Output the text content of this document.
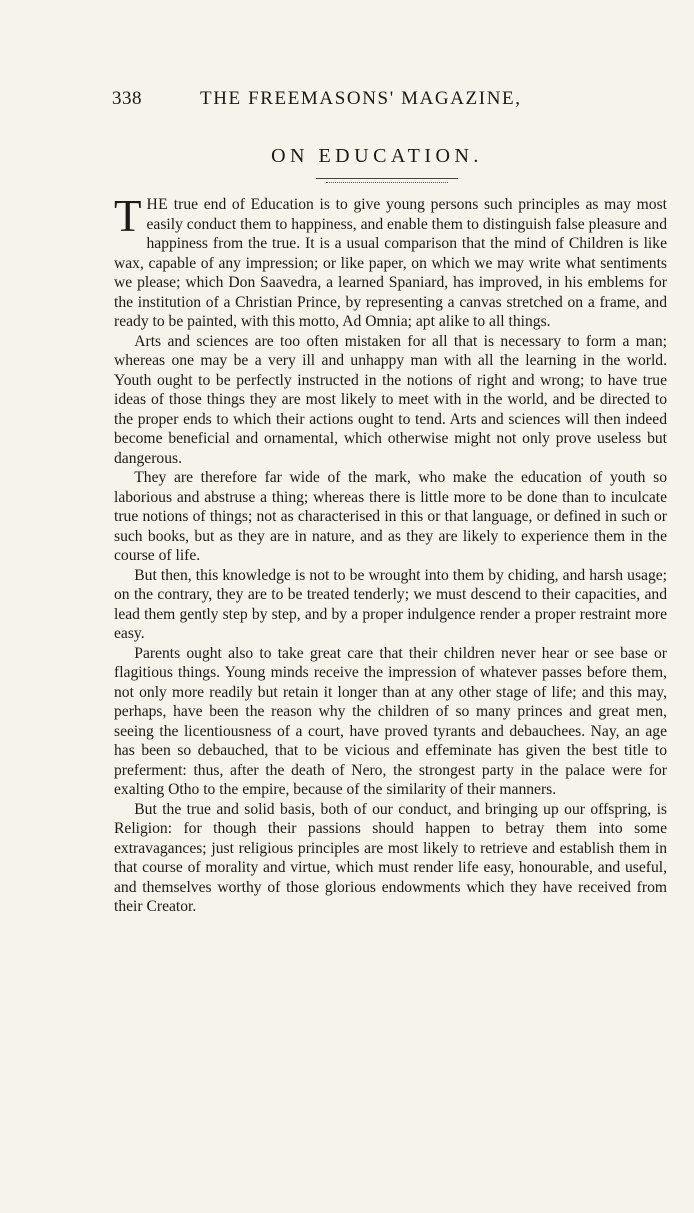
338	THE FREEMASONS' MAGAZINE,
ON EDUCATION.

T HE true end of Education is to give young persons such principles as may most easily conduct them to happiness, and enable them to distinguish false pleasure and happiness from the true. It is a usual comparison that the mind of Children is like wax, capable of any impression; or like paper, on which we may write what sentiments we please; which Don Saavedra, a learned Spaniard, has improved, in his emblems for the institution of a Christian Prince, by representing a canvas stretched on a frame, and ready to be painted, with this motto, Ad Omnia; apt alike to all things.

Arts and sciences are too often mistaken for all that is necessary to form a man; whereas one may be a very ill and unhappy man with all the learning in the world. Youth ought to be perfectly instructed in the notions of right and wrong; to have true ideas of those things they are most likely to meet with in the world, and be directed to the proper ends to which their actions ought to tend. Arts and sciences will then indeed become beneficial and ornamental, which otherwise might not only prove useless but dangerous.

They are therefore far wide of the mark, who make the education of youth so laborious and abstruse a thing; whereas there is little more to be done than to inculcate true notions of things; not as characterised in this or that language, or defined in such or such books, but as they are in nature, and as they are likely to experience them in the course of life.

But then, this knowledge is not to be wrought into them by chiding, and harsh usage; on the contrary, they are to be treated tenderly; we must descend to their capacities, and lead them gently step by step, and by a proper indulgence render a proper restraint more easy.

Parents ought also to take great care that their children never hear or see base or flagitious things. Young minds receive the impression of whatever passes before them, not only more readily but retain it longer than at any other stage of life; and this may, perhaps, have been the reason why the children of so many princes and great men, seeing the licentiousness of a court, have proved tyrants and debauchees. Nay, an age has been so debauched, that to be vicious and effeminate has given the best title to preferment: thus, after the death of Nero, the strongest party in the palace were for exalting Otho to the empire, because of the similarity of their manners.

But the true and solid basis, both of our conduct, and bringing up our offspring, is Religion: for though their passions should happen to betray them into some extravagances; just religious principles are most likely to retrieve and establish them in that course of morality and virtue, which must render life easy, honourable, and useful, and themselves worthy of those glorious endowments which they have received from their Creator.
